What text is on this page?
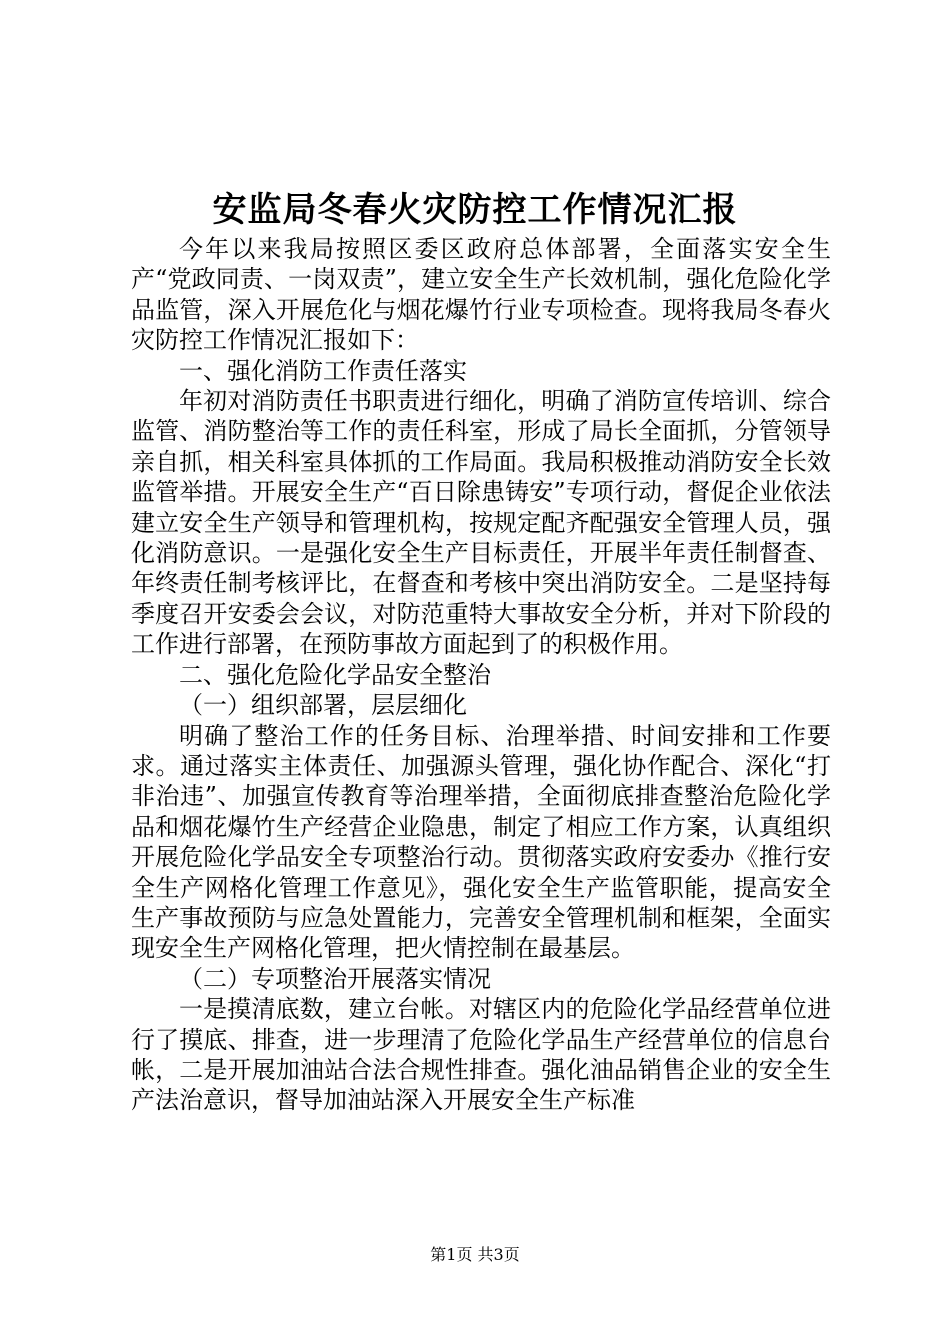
安监局冬春火灾防控工作情况汇报

今年以来我局按照区委区政府总体部署，全面落实安全生产“党政同责、一岗双责”，建立安全生产长效机制，强化危险化学品监管，深入开展危化与烟花爆竹行业专项检查。现将我局冬春火灾防控工作情况汇报如下：

一、强化消防工作责任落实

年初对消防责任书职责进行细化，明确了消防宣传培训、综合监管、消防整治等工作的责任科室，形成了局长全面抓，分管领导亲自抓，相关科室具体抓的工作局面。我局积极推动消防安全长效监管举措。开展安全生产“百日除患铸安”专项行动，督促企业依法建立安全生产领导和管理机构，按规定配齐配强安全管理人员，强化消防意识。一是强化安全生产目标责任，开展半年责任制督查、年终责任制考核评比，在督查和考核中突出消防安全。二是坚持每季度召开安委会会议，对防范重特大事故安全分析，并对下阶段的工作进行部署，在预防事故方面起到了的积极作用。

二、强化危险化学品安全整治

（一）组织部署，层层细化

明确了整治工作的任务目标、治理举措、时间安排和工作要求。通过落实主体责任、加强源头管理，强化协作配合、深化“打非治违”、加强宣传教育等治理举措，全面彻底排查整治危险化学品和烟花爆竹生产经营企业隐患，制定了相应工作方案，认真组织开展危险化学品安全专项整治行动。贯彻落实政府安委办《推行安全生产网格化管理工作意见》，强化安全生产监管职能，提高安全生产事故预防与应急处置能力，完善安全管理机制和框架，全面实现安全生产网格化管理，把火情控制在最基层。

（二）专项整治开展落实情况

一是摸清底数，建立台帐。对辖区内的危险化学品经营单位进行了摸底、排查，进一步理清了危险化学品生产经营单位的信息台帐，二是开展加油站合法合规性排查。强化油品销售企业的安全生产法治意识，督导加油站深入开展安全生产标准

第1页 共3页
